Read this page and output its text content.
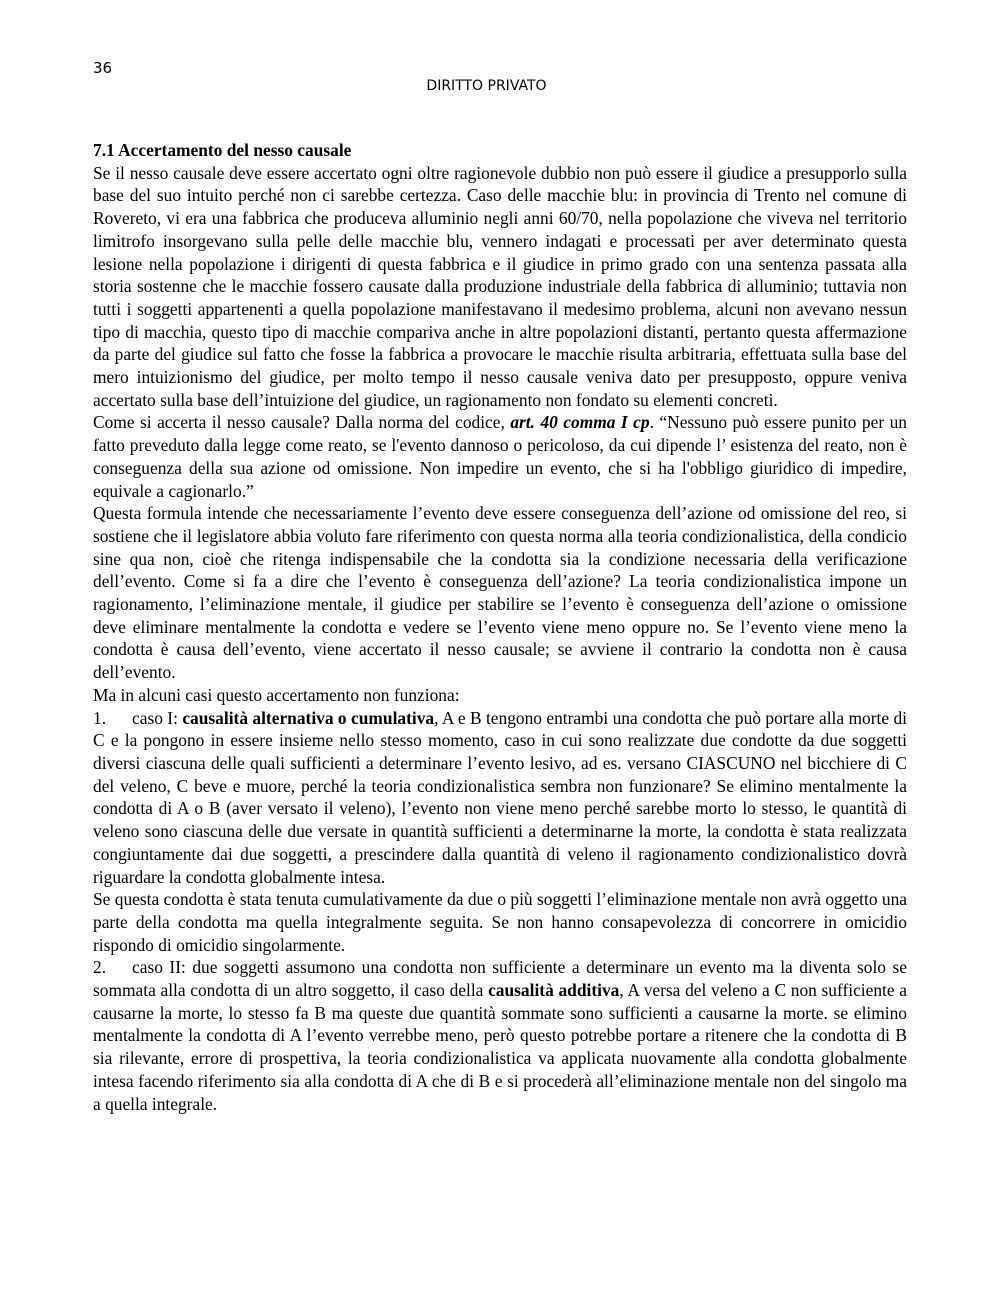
36
DIRITTO PRIVATO
7.1 Accertamento del nesso causale

Se il nesso causale deve essere accertato ogni oltre ragionevole dubbio non può essere il giudice a presupporlo sulla base del suo intuito perché non ci sarebbe certezza. Caso delle macchie blu: in provincia di Trento nel comune di Rovereto, vi era una fabbrica che produceva alluminio negli anni 60/70, nella popolazione che viveva nel territorio limitrofo insorgevano sulla pelle delle macchie blu, vennero indagati e processati per aver determinato questa lesione nella popolazione i dirigenti di questa fabbrica e il giudice in primo grado con una sentenza passata alla storia sostenne che le macchie fossero causate dalla produzione industriale della fabbrica di alluminio; tuttavia non tutti i soggetti appartenenti a quella popolazione manifestavano il medesimo problema, alcuni non avevano nessun tipo di macchia, questo tipo di macchie compariva anche in altre popolazioni distanti, pertanto questa affermazione da parte del giudice sul fatto che fosse la fabbrica a provocare le macchie risulta arbitraria, effettuata sulla base del mero intuizionismo del giudice, per molto tempo il nesso causale veniva dato per presupposto, oppure veniva accertato sulla base dell’intuizione del giudice, un ragionamento non fondato su elementi concreti.

Come si accerta il nesso causale? Dalla norma del codice, art. 40 comma I cp. “Nessuno può essere punito per un fatto preveduto dalla legge come reato, se l'evento dannoso o pericoloso, da cui dipende l’ esistenza del reato, non è conseguenza della sua azione od omissione. Non impedire un evento, che si ha l'obbligo giuridico di impedire, equivale a cagionarlo.”

Questa formula intende che necessariamente l’evento deve essere conseguenza dell’azione od omissione del reo, si sostiene che il legislatore abbia voluto fare riferimento con questa norma alla teoria condizionalistica, della condicio sine qua non, cioè che ritenga indispensabile che la condotta sia la condizione necessaria della verificazione dell’evento. Come si fa a dire che l’evento è conseguenza dell’azione? La teoria condizionalistica impone un ragionamento, l’eliminazione mentale, il giudice per stabilire se l’evento è conseguenza dell’azione o omissione deve eliminare mentalmente la condotta e vedere se l’evento viene meno oppure no. Se l’evento viene meno la condotta è causa dell’evento, viene accertato il nesso causale; se avviene il contrario la condotta non è causa dell’evento.

Ma in alcuni casi questo accertamento non funziona:

1. caso I: causalità alternativa o cumulativa, A e B tengono entrambi una condotta che può portare alla morte di C e la pongono in essere insieme nello stesso momento, caso in cui sono realizzate due condotte da due soggetti diversi ciascuna delle quali sufficienti a determinare l’evento lesivo, ad es. versano CIASCUNO nel bicchiere di C del veleno, C beve e muore, perché la teoria condizionalistica sembra non funzionare? Se elimino mentalmente la condotta di A o B (aver versato il veleno), l’evento non viene meno perché sarebbe morto lo stesso, le quantità di veleno sono ciascuna delle due versate in quantità sufficienti a determinarne la morte, la condotta è stata realizzata congiuntamente dai due soggetti, a prescindere dalla quantità di veleno il ragionamento condizionalistico dovrà riguardare la condotta globalmente intesa.

Se questa condotta è stata tenuta cumulativamente da due o più soggetti l’eliminazione mentale non avrà oggetto una parte della condotta ma quella integralmente seguita. Se non hanno consapevolezza di concorrere in omicidio rispondo di omicidio singolarmente.

2. caso II: due soggetti assumono una condotta non sufficiente a determinare un evento ma la diventa solo se sommata alla condotta di un altro soggetto, il caso della causalità additiva, A versa del veleno a C non sufficiente a causarne la morte, lo stesso fa B ma queste due quantità sommate sono sufficienti a causarne la morte. se elimino mentalmente la condotta di A l’evento verrebbe meno, però questo potrebbe portare a ritenere che la condotta di B sia rilevante, errore di prospettiva, la teoria condizionalistica va applicata nuovamente alla condotta globalmente intesa facendo riferimento sia alla condotta di A che di B e si procederà all’eliminazione mentale non del singolo ma a quella integrale.
